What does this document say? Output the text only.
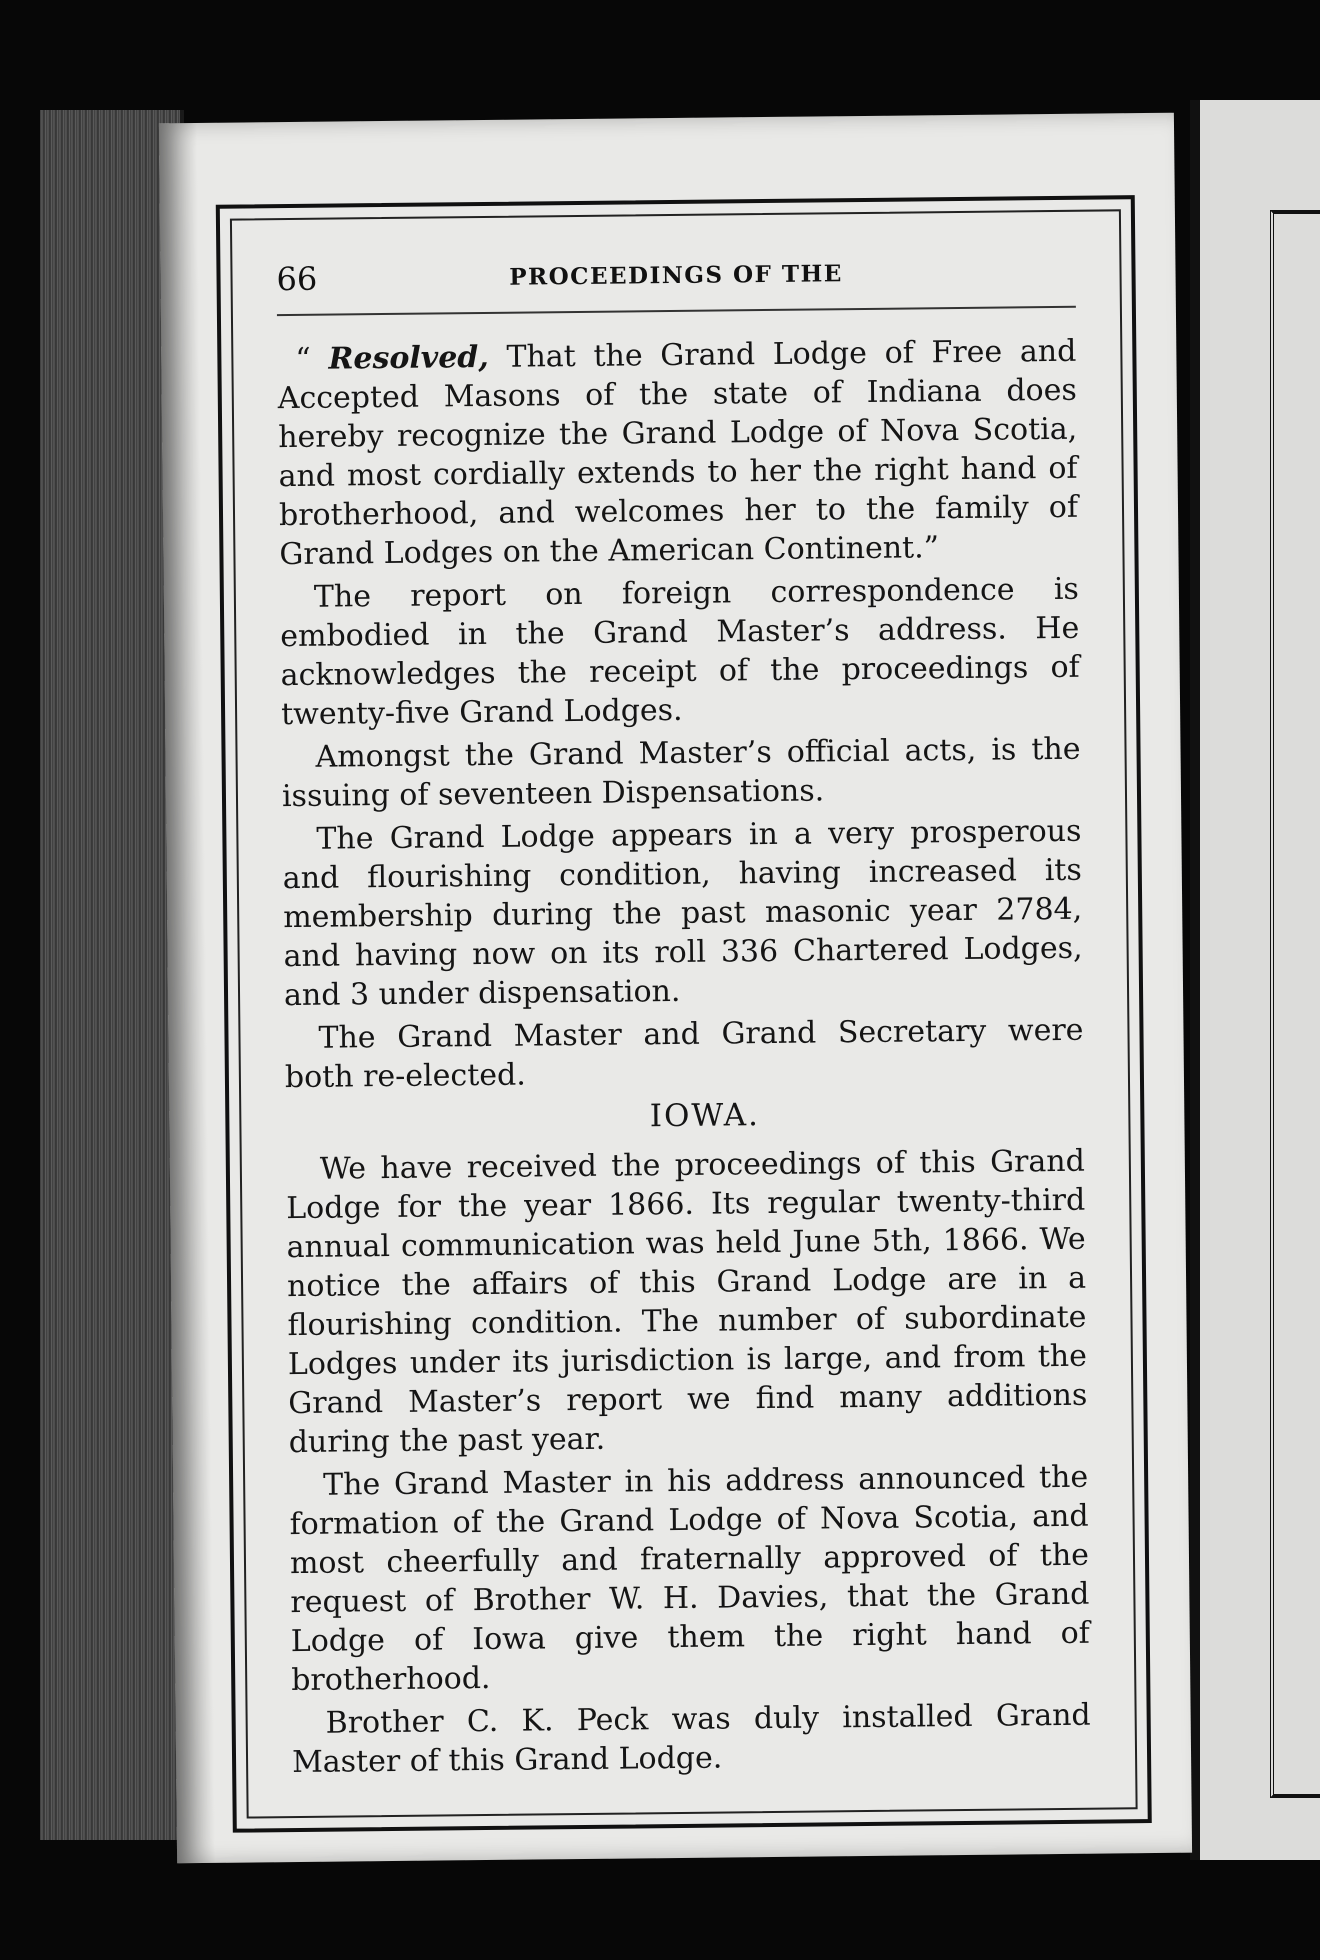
66	PROCEEDINGS OF THE

“ Resolved, That the Grand Lodge of Free and Accepted Masons of the state of Indiana does hereby recognize the Grand Lodge of Nova Scotia, and most cordially extends to her the right hand of brotherhood, and welcomes her to the family of Grand Lodges on the American Continent.”

The report on foreign correspondence is embodied in the Grand Master’s address. He acknowledges the receipt of the proceedings of twenty-five Grand Lodges.

Amongst the Grand Master’s official acts, is the issuing of seventeen Dispensations.

The Grand Lodge appears in a very prosperous and flourishing condition, having increased its membership during the past masonic year 2784, and having now on its roll 336 Chartered Lodges, and 3 under dispensation.

The Grand Master and Grand Secretary were both re-elected.

IOWA.

We have received the proceedings of this Grand Lodge for the year 1866. Its regular twenty-third annual communication was held June 5th, 1866. We notice the affairs of this Grand Lodge are in a flourishing condition. The number of subordinate Lodges under its jurisdiction is large, and from the Grand Master’s report we find many additions during the past year.

The Grand Master in his address announced the formation of the Grand Lodge of Nova Scotia, and most cheerfully and fraternally approved of the request of Brother W. H. Davies, that the Grand Lodge of Iowa give them the right hand of brotherhood.

Brother C. K. Peck was duly installed Grand Master of this Grand Lodge.
